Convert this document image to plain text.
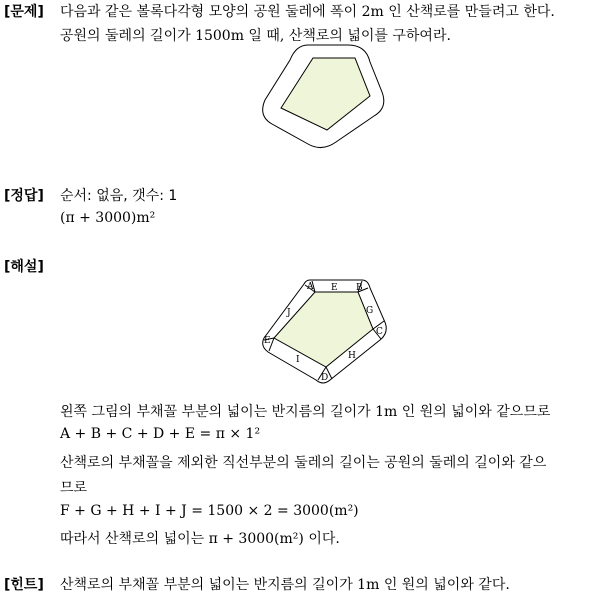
[문제] 다음과 같은 볼록다각형 모양의 공원 둘레에 폭이 2m 인 산책로를 만들려고 한다.
공원의 둘레의 길이가 1500m 일 때, 산책로의 넓이를 구하여라.
[정답] 순서: 없음, 갯수: 1
(π + 3000)m²
[해설]
A E B
J	G
C
E
I	H
D
왼쪽 그림의 부채꼴 부분의 넓이는 반지름의 길이가 1m 인 원의 넓이와 같으므로
A + B + C + D + E = π × 1²
산책로의 부채꼴을 제외한 직선부분의 둘레의 길이는 공원의 둘레의 길이와 같으
므로
F + G + H + I + J = 1500 × 2 = 3000(m²)
따라서 산책로의 넓이는 π + 3000(m²) 이다.
[힌트] 산책로의 부채꼴 부분의 넓이는 반지름의 길이가 1m 인 원의 넓이와 같다.
